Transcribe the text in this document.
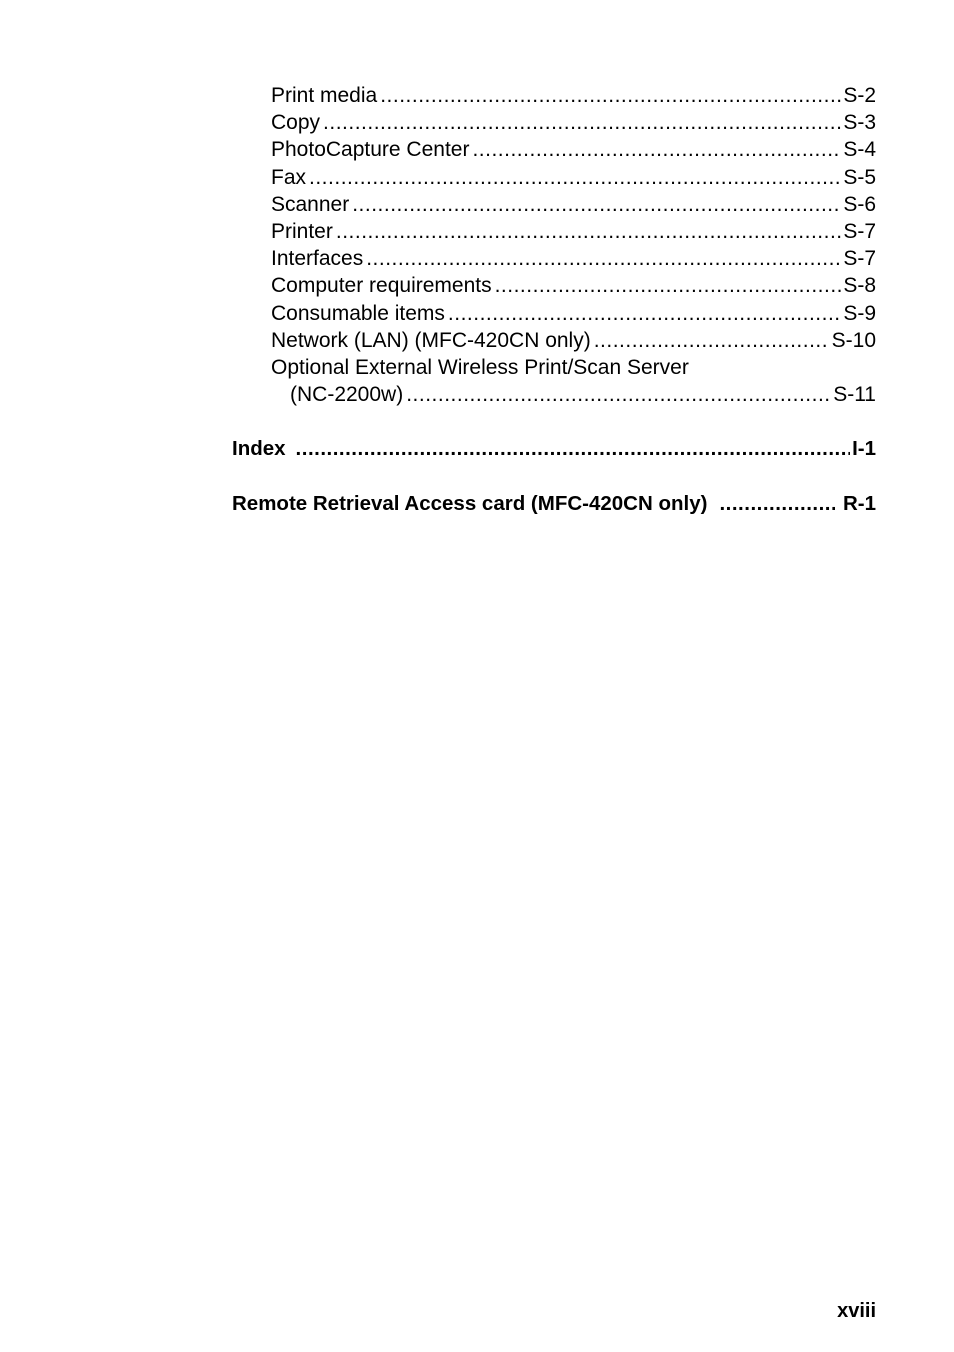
Print media .....	S-2
Copy .....	S-3
PhotoCapture Center .....	S-4
Fax .....	S-5
Scanner .....	S-6
Printer .....	S-7
Interfaces .....	S-7
Computer requirements .....	S-8
Consumable items .....	S-9
Network (LAN) (MFC-420CN only) .....	S-10
Optional External Wireless Print/Scan Server
(NC-2200w) .....	S-11
Index .....	I-1
Remote Retrieval Access card (MFC-420CN only) .....	R-1
xviii
